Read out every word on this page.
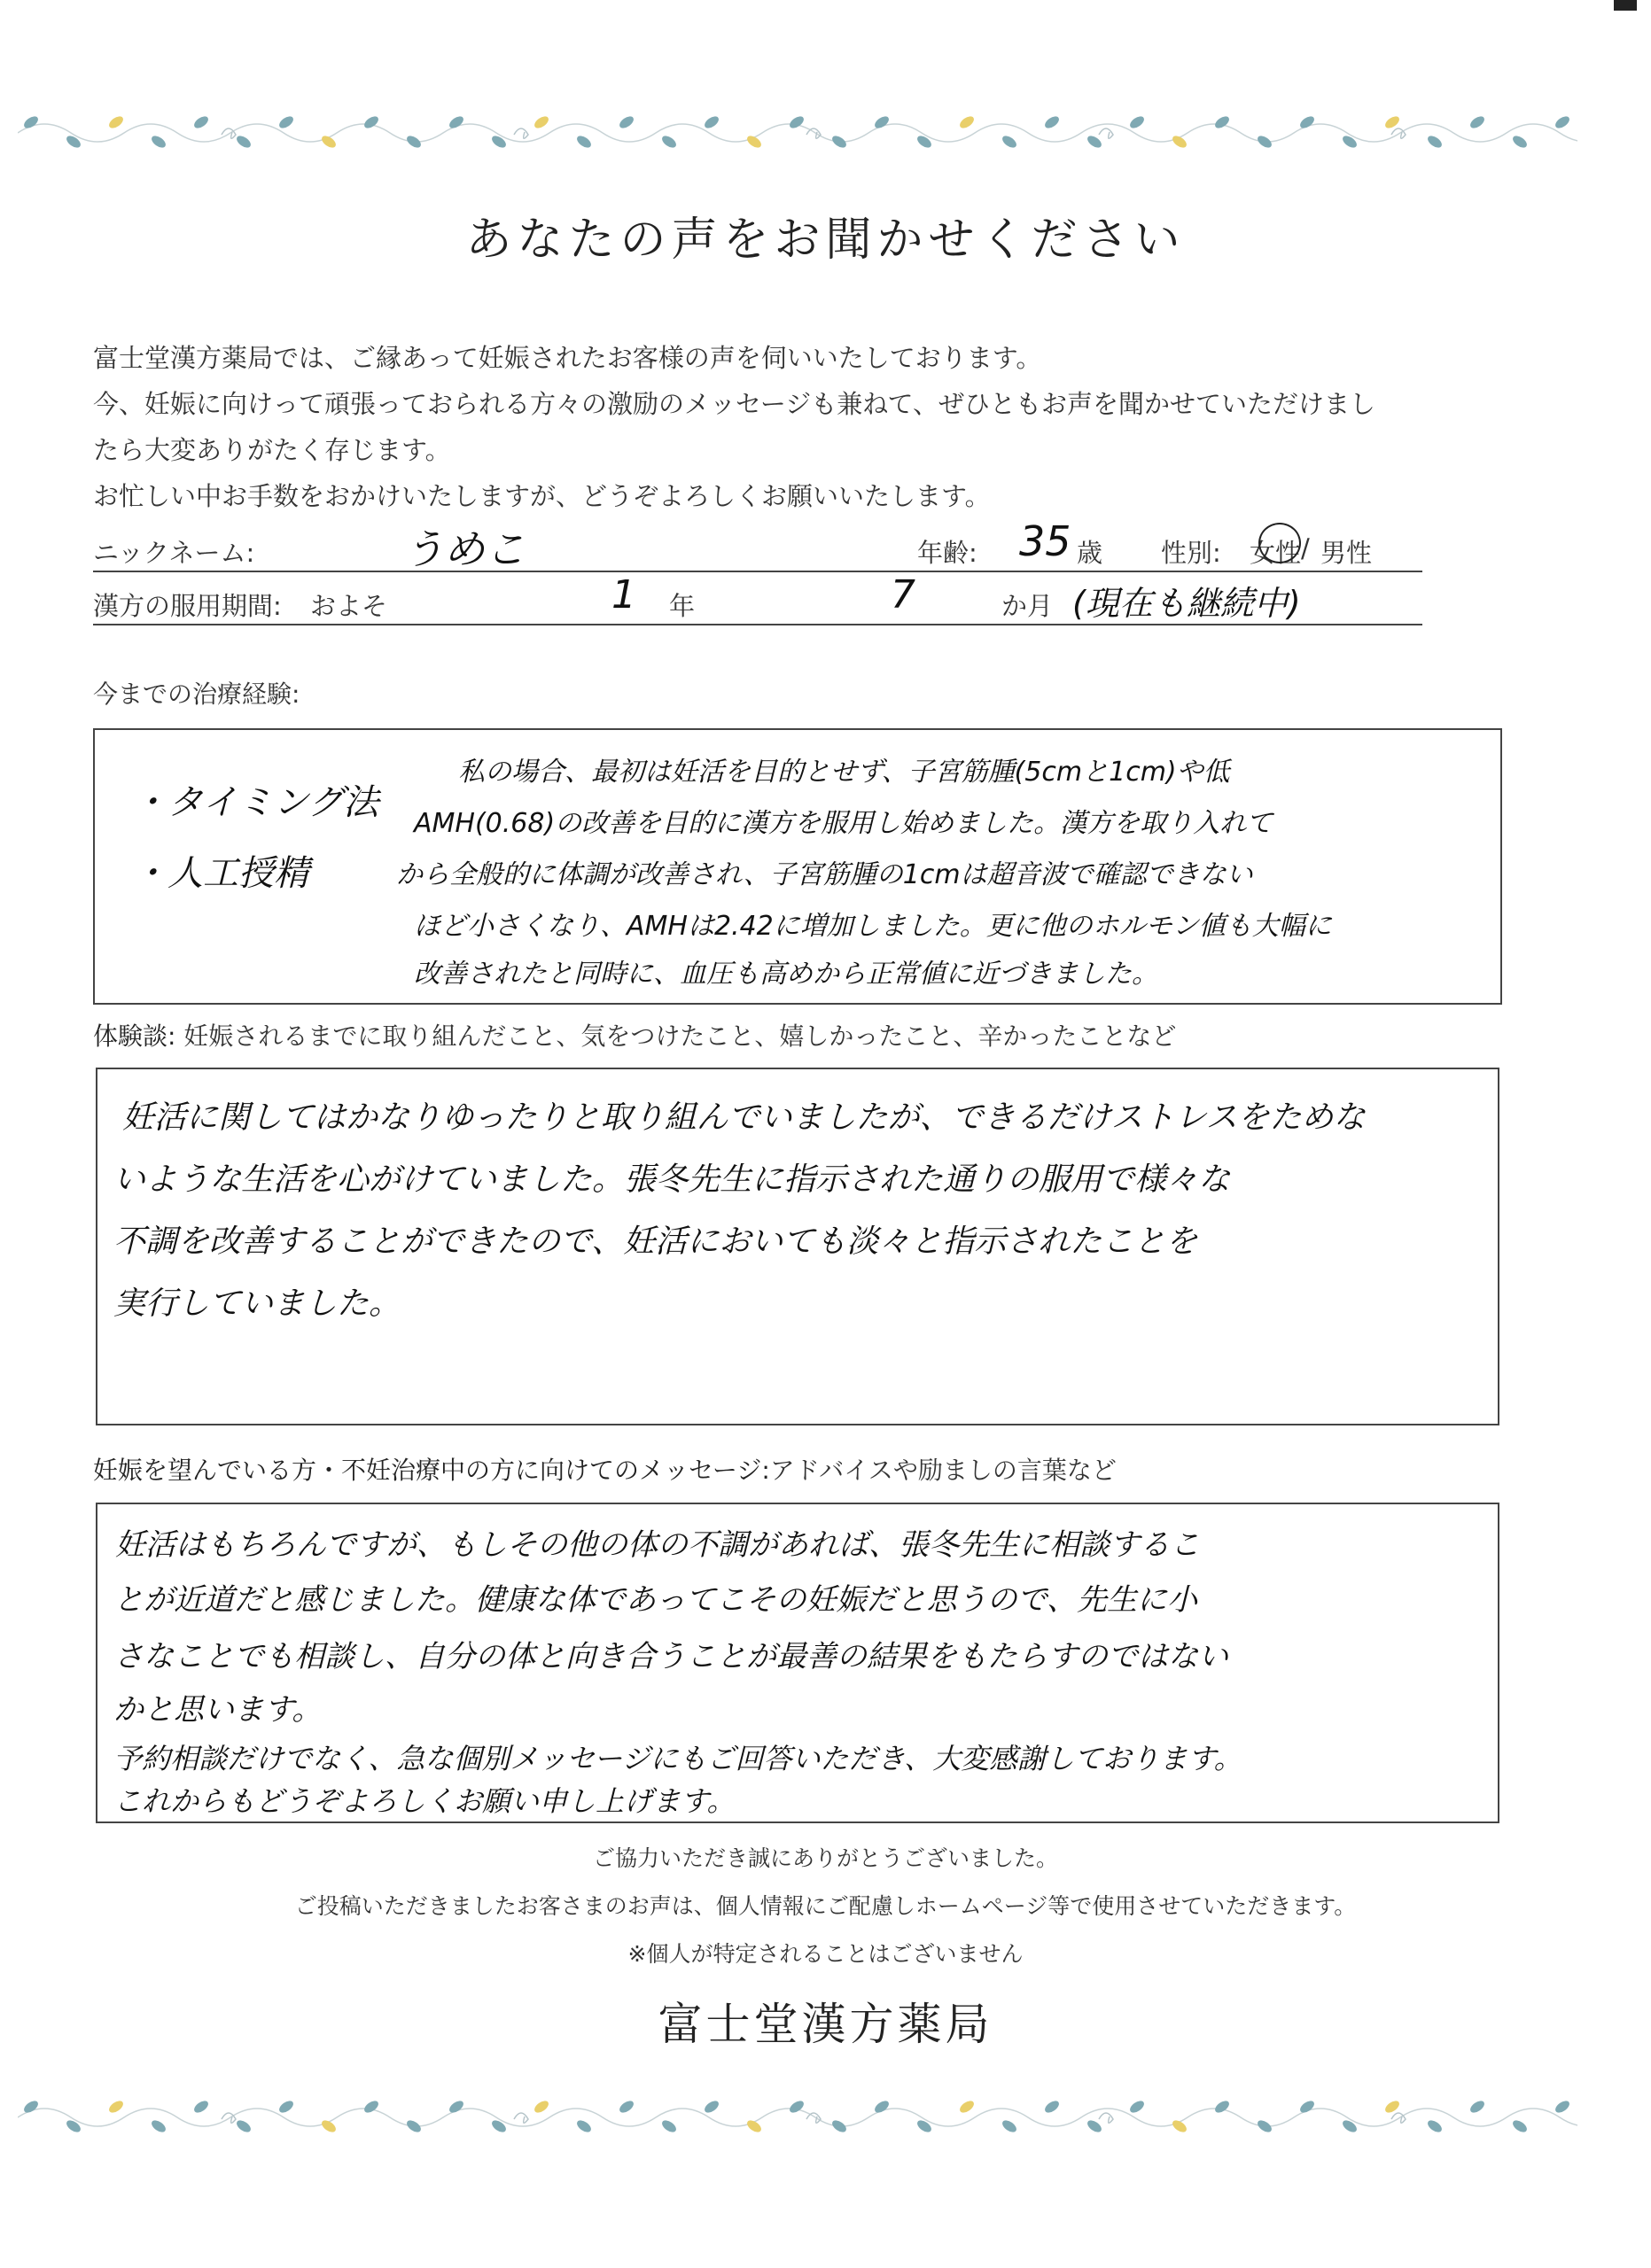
あなたの声をお聞かせください

富士堂漢方薬局では、ご縁あって妊娠されたお客様の声を伺いいたしております。

今、妊娠に向けって頑張っておられる方々の激励のメッセージも兼ねて、ぜひともお声を聞かせていただけまし

たら大変ありがたく存じます。

お忙しい中お手数をおかけいたしますが、どうぞよろしくお願いいたします。

ニックネーム:	うめこ	年齢: 35 歳 性別: 女性 / 男性
漢方の服用期間: およそ	1 年	7	か月 (現在も継続中)
今までの治療経験:
・タイミング法
・人工授精
私の場合、最初は妊活を目的とせず、子宮筋腫(5cmと1cm)や低
AMH(0.68)の改善を目的に漢方を服用し始めました。漢方を取り入れて
から全般的に体調が改善され、子宮筋腫の1cmは超音波で確認できない
ほど小さくなり、AMHは2.42に増加しました。更に他のホルモン値も大幅に
改善されたと同時に、血圧も高めから正常値に近づきました。
体験談: 妊娠されるまでに取り組んだこと、気をつけたこと、嬉しかったこと、辛かったことなど
妊活に関してはかなりゆったりと取り組んでいましたが、できるだけストレスをためな
いような生活を心がけていました。張冬先生に指示された通りの服用で様々な
不調を改善することができたので、妊活においても淡々と指示されたことを
実行していました。
妊娠を望んでいる方・不妊治療中の方に向けてのメッセージ:アドバイスや励ましの言葉など
妊活はもちろんですが、もしその他の体の不調があれば、張冬先生に相談するこ
とが近道だと感じました。健康な体であってこその妊娠だと思うので、先生に小
さなことでも相談し、自分の体と向き合うことが最善の結果をもたらすのではない
かと思います。
予約相談だけでなく、急な個別メッセージにもご回答いただき、大変感謝しております。
これからもどうぞよろしくお願い申し上げます。
ご協力いただき誠にありがとうございました。
ご投稿いただきましたお客さまのお声は、個人情報にご配慮しホームページ等で使用させていただきます。
※個人が特定されることはございません
富士堂漢方薬局
